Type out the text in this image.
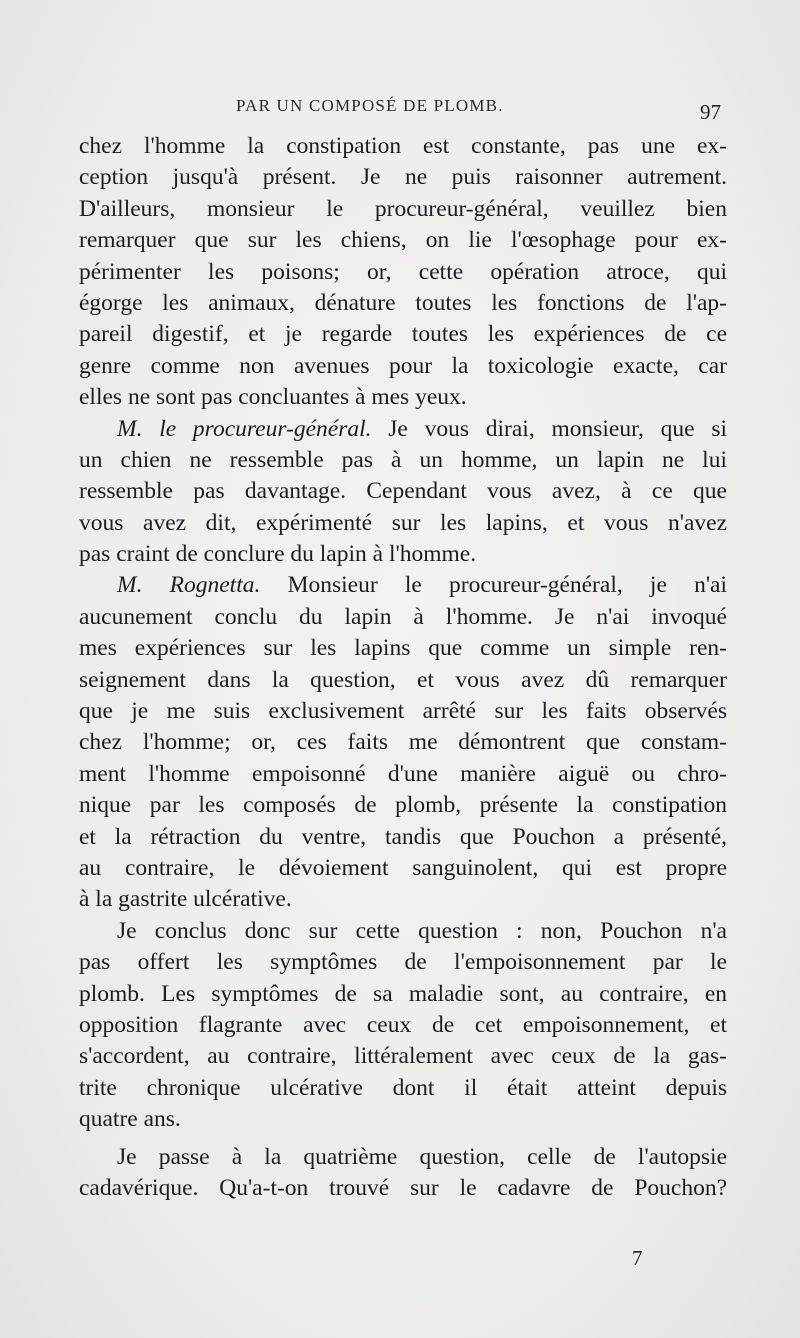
PAR UN COMPOSÉ DE PLOMB.	97
chez l'homme la constipation est constante, pas une ex-
ception jusqu'à présent. Je ne puis raisonner autrement.
D'ailleurs, monsieur le procureur-général, veuillez bien
remarquer que sur les chiens, on lie l'œsophage pour ex-
périmenter les poisons; or, cette opération atroce, qui
égorge les animaux, dénature toutes les fonctions de l'ap-
pareil digestif, et je regarde toutes les expériences de ce
genre comme non avenues pour la toxicologie exacte, car
elles ne sont pas concluantes à mes yeux.
M. le procureur-général. Je vous dirai, monsieur, que si
un chien ne ressemble pas à un homme, un lapin ne lui
ressemble pas davantage. Cependant vous avez, à ce que
vous avez dit, expérimenté sur les lapins, et vous n'avez
pas craint de conclure du lapin à l'homme.
M. Rognetta. Monsieur le procureur-général, je n'ai
aucunement conclu du lapin à l'homme. Je n'ai invoqué
mes expériences sur les lapins que comme un simple ren-
seignement dans la question, et vous avez dû remarquer
que je me suis exclusivement arrêté sur les faits observés
chez l'homme; or, ces faits me démontrent que constam-
ment l'homme empoisonné d'une manière aiguë ou chro-
nique par les composés de plomb, présente la constipation
et la rétraction du ventre, tandis que Pouchon a présenté,
au contraire, le dévoiement sanguinolent, qui est propre
à la gastrite ulcérative.
Je conclus donc sur cette question : non, Pouchon n'a
pas offert les symptômes de l'empoisonnement par le
plomb. Les symptômes de sa maladie sont, au contraire, en
opposition flagrante avec ceux de cet empoisonnement, et
s'accordent, au contraire, littéralement avec ceux de la gas-
trite chronique ulcérative dont il était atteint depuis
quatre ans.
Je passe à la quatrième question, celle de l'autopsie
cadavérique. Qu'a-t-on trouvé sur le cadavre de Pouchon?
7
